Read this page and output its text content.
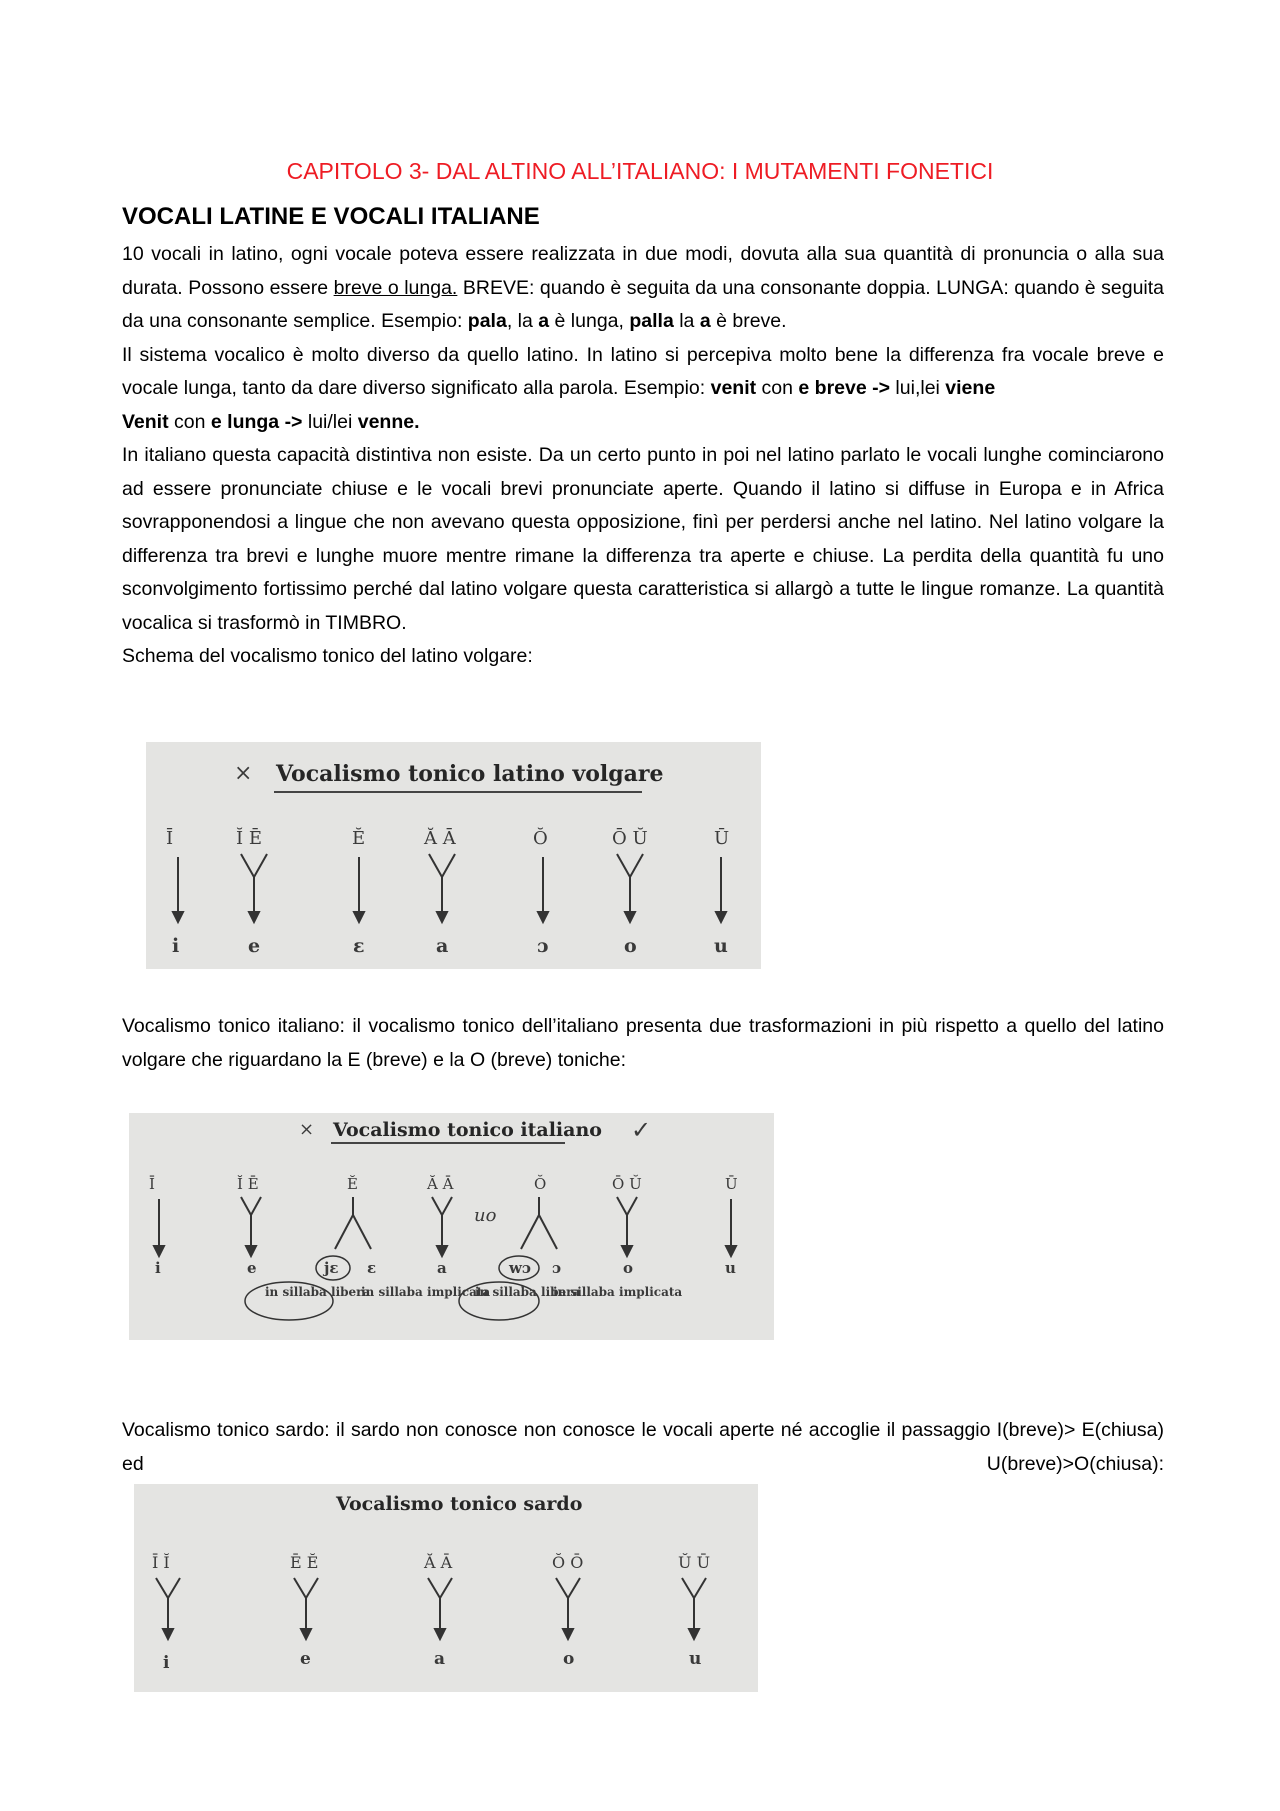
CAPITOLO 3- DAL ALTINO ALL’ITALIANO: I MUTAMENTI FONETICI
VOCALI LATINE E VOCALI ITALIANE

10 vocali in latino, ogni vocale poteva essere realizzata in due modi, dovuta alla sua quantità di pronuncia o alla sua durata. Possono essere breve o lunga. BREVE: quando è seguita da una consonante doppia. LUNGA: quando è seguita da una consonante semplice. Esempio: pala, la a è lunga, palla la a è breve.

Il sistema vocalico è molto diverso da quello latino. In latino si percepiva molto bene la differenza fra vocale breve e vocale lunga, tanto da dare diverso significato alla parola. Esempio: venit con e breve -> lui,lei viene

Venit con e lunga -> lui/lei venne.

In italiano questa capacità distintiva non esiste. Da un certo punto in poi nel latino parlato le vocali lunghe cominciarono ad essere pronunciate chiuse e le vocali brevi pronunciate aperte. Quando il latino si diffuse in Europa e in Africa sovrapponendosi a lingue che non avevano questa opposizione, finì per perdersi anche nel latino. Nel latino volgare la differenza tra brevi e lunghe muore mentre rimane la differenza tra aperte e chiuse. La perdita della quantità fu uno sconvolgimento fortissimo perché dal latino volgare questa caratteristica si allargò a tutte le lingue romanze. La quantità vocalica si trasformò in TIMBRO.

Schema del vocalismo tonico del latino volgare:

× Vocalismo tonico latino volgare
Ī	Ĭ Ē	Ĕ	Ă Ā	Ŏ	Ō Ŭ	Ū
i	e	ɛ	a	ɔ	o	u

Vocalismo tonico italiano: il vocalismo tonico dell’italiano presenta due trasformazioni in più rispetto a quello del latino volgare che riguardano la E (breve) e la O (breve) toniche:

× Vocalismo tonico italiano ✓
Ī	Ĭ Ē	Ĕ	Ă Ā	Ŏ	Ō Ŭ	Ū
uo
i	e	jɛ ɛ	a	wɔ ɔ	o	u
in sillaba libera
in sillaba implicata
in sillaba libera
in sillaba implicata

Vocalismo tonico sardo: il sardo non conosce non conosce le vocali aperte né accoglie il passaggio I(breve)> E(chiusa) ed U(breve)>O(chiusa):

Vocalismo tonico sardo
Ī Ĭ	Ē Ĕ	Ă Ā	Ŏ Ō	Ŭ Ū
i	e	a	o	u
